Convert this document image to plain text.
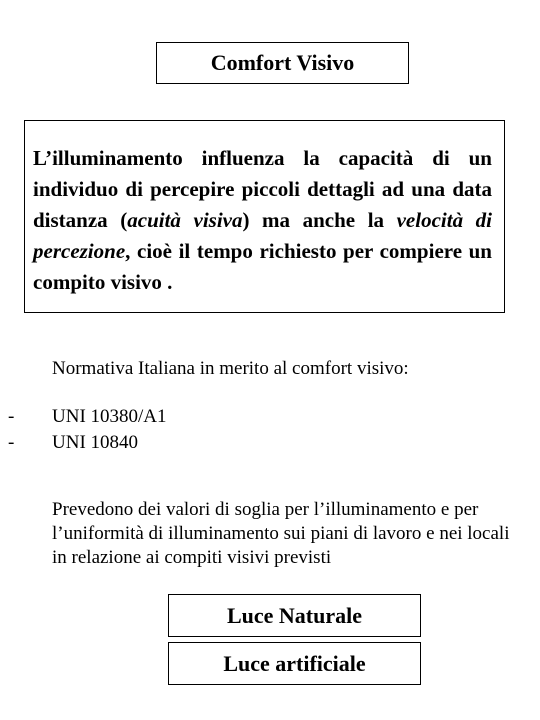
Comfort Visivo

L’illuminamento influenza la capacità di un individuo di percepire piccoli dettagli ad una data distanza (acuità visiva) ma anche la velocità di percezione, cioè il tempo richiesto per compiere un compito visivo .

Normativa Italiana in merito al comfort visivo:
-	UNI 10380/A1
-	UNI 10840
Prevedono dei valori di soglia per l’illuminamento e per l’uniformità di illuminamento sui piani di lavoro e nei locali in relazione ai compiti visivi previsti
Luce Naturale
Luce artificiale
